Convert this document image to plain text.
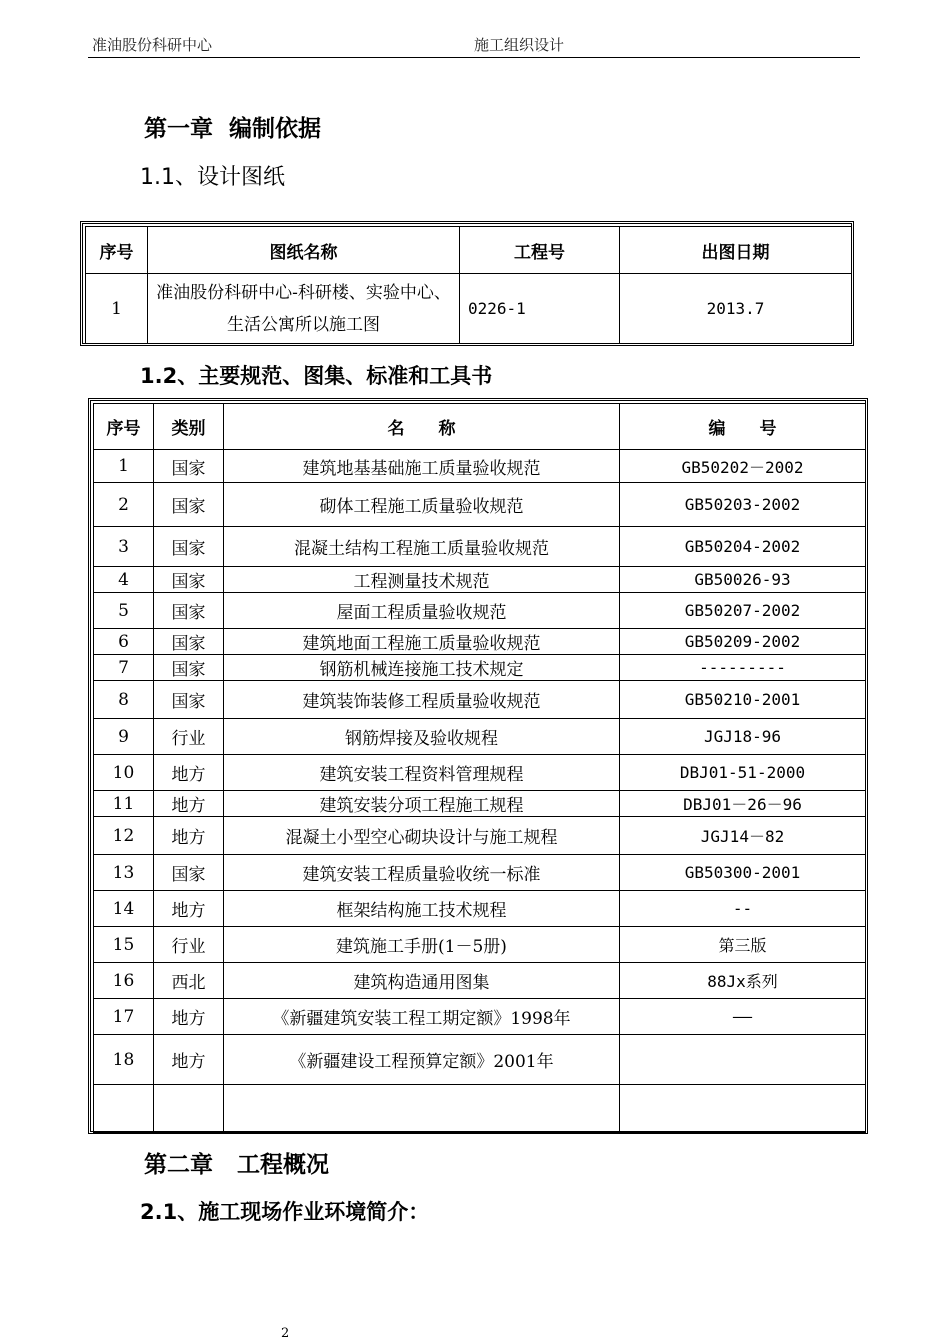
准油股份科研中心	施工组织设计
第一章  编制依据
1.1、设计图纸
序号	图纸名称	工程号	出图日期
1	准油股份科研中心-科研楼、实验中心、生活公寓所以施工图	0226-1	2013.7
1.2、主要规范、图集、标准和工具书
序号	类别	名　　称	编　　号
1	国家	建筑地基基础施工质量验收规范	GB50202－2002
2	国家	砌体工程施工质量验收规范	GB50203-2002
3	国家	混凝土结构工程施工质量验收规范	GB50204-2002
4	国家	工程测量技术规范	GB50026-93
5	国家	屋面工程质量验收规范	GB50207-2002
6	国家	建筑地面工程施工质量验收规范	GB50209-2002
7	国家	钢筋机械连接施工技术规定	---------
8	国家	建筑装饰装修工程质量验收规范	GB50210-2001
9	行业	钢筋焊接及验收规程	JGJ18-96
10	地方	建筑安装工程资料管理规程	DBJ01-51-2000
11	地方	建筑安装分项工程施工规程	DBJ01－26－96
12	地方	混凝土小型空心砌块设计与施工规程	JGJ14－82
13	国家	建筑安装工程质量验收统一标准	GB50300-2001
14	地方	框架结构施工技术规程	--
15	行业	建筑施工手册(1－5册)	第三版
16	西北	建筑构造通用图集	88Jx系列
17	地方	《新疆建筑安装工程工期定额》1998年	——
18	地方	《新疆建设工程预算定额》2001年	

第二章   工程概况
2.1、施工现场作业环境简介：
2
